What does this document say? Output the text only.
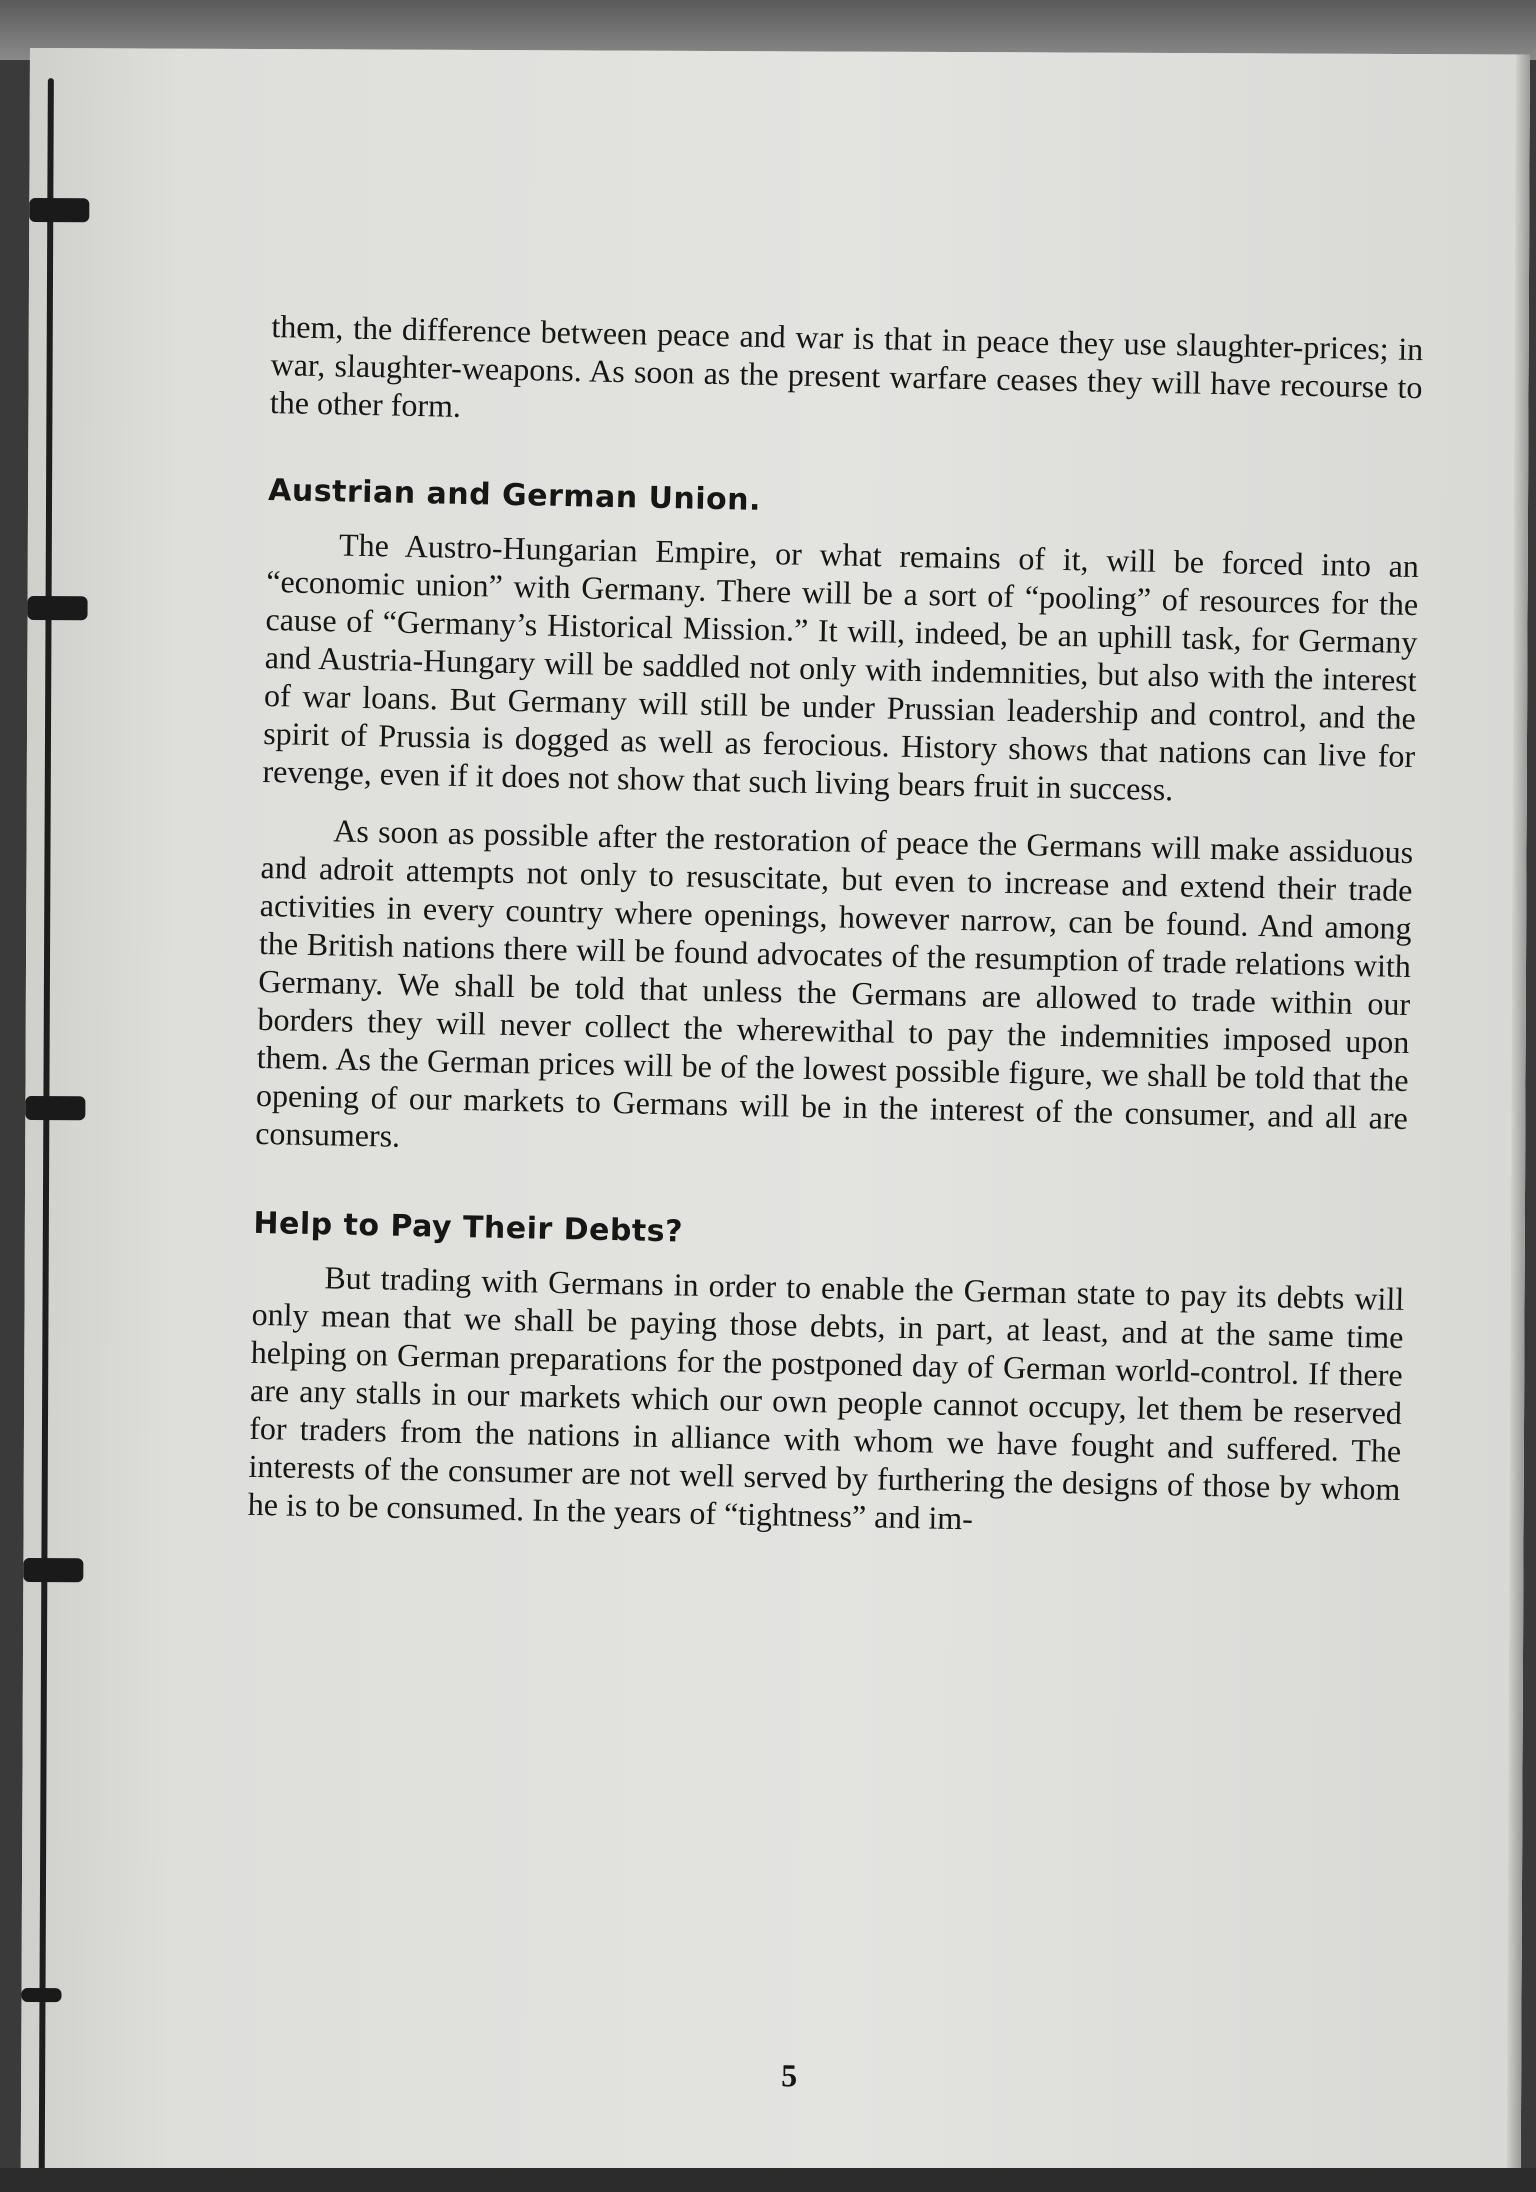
them, the difference between peace and war is that in peace they use slaughter-prices; in war, slaughter-weapons. As soon as the present warfare ceases they will have recourse to the other form.

Austrian and German Union.

The Austro-Hungarian Empire, or what remains of it, will be forced into an “economic union” with Germany. There will be a sort of “pooling” of resources for the cause of “Germany’s Historical Mission.” It will, indeed, be an uphill task, for Germany and Austria-Hungary will be saddled not only with indemnities, but also with the interest of war loans. But Germany will still be under Prussian leadership and control, and the spirit of Prussia is dogged as well as ferocious. History shows that nations can live for revenge, even if it does not show that such living bears fruit in success.

As soon as possible after the restoration of peace the Germans will make assiduous and adroit attempts not only to resuscitate, but even to increase and extend their trade activities in every country where openings, however narrow, can be found. And among the British nations there will be found advocates of the resumption of trade relations with Germany. We shall be told that unless the Germans are allowed to trade within our borders they will never collect the wherewithal to pay the indemnities imposed upon them. As the German prices will be of the lowest possible figure, we shall be told that the opening of our markets to Germans will be in the interest of the consumer, and all are consumers.

Help to Pay Their Debts?

But trading with Germans in order to enable the German state to pay its debts will only mean that we shall be paying those debts, in part, at least, and at the same time helping on German preparations for the postponed day of German world-control. If there are any stalls in our markets which our own people cannot occupy, let them be reserved for traders from the nations in alliance with whom we have fought and suffered. The interests of the consumer are not well served by furthering the designs of those by whom he is to be consumed. In the years of “tightness” and im-

5
